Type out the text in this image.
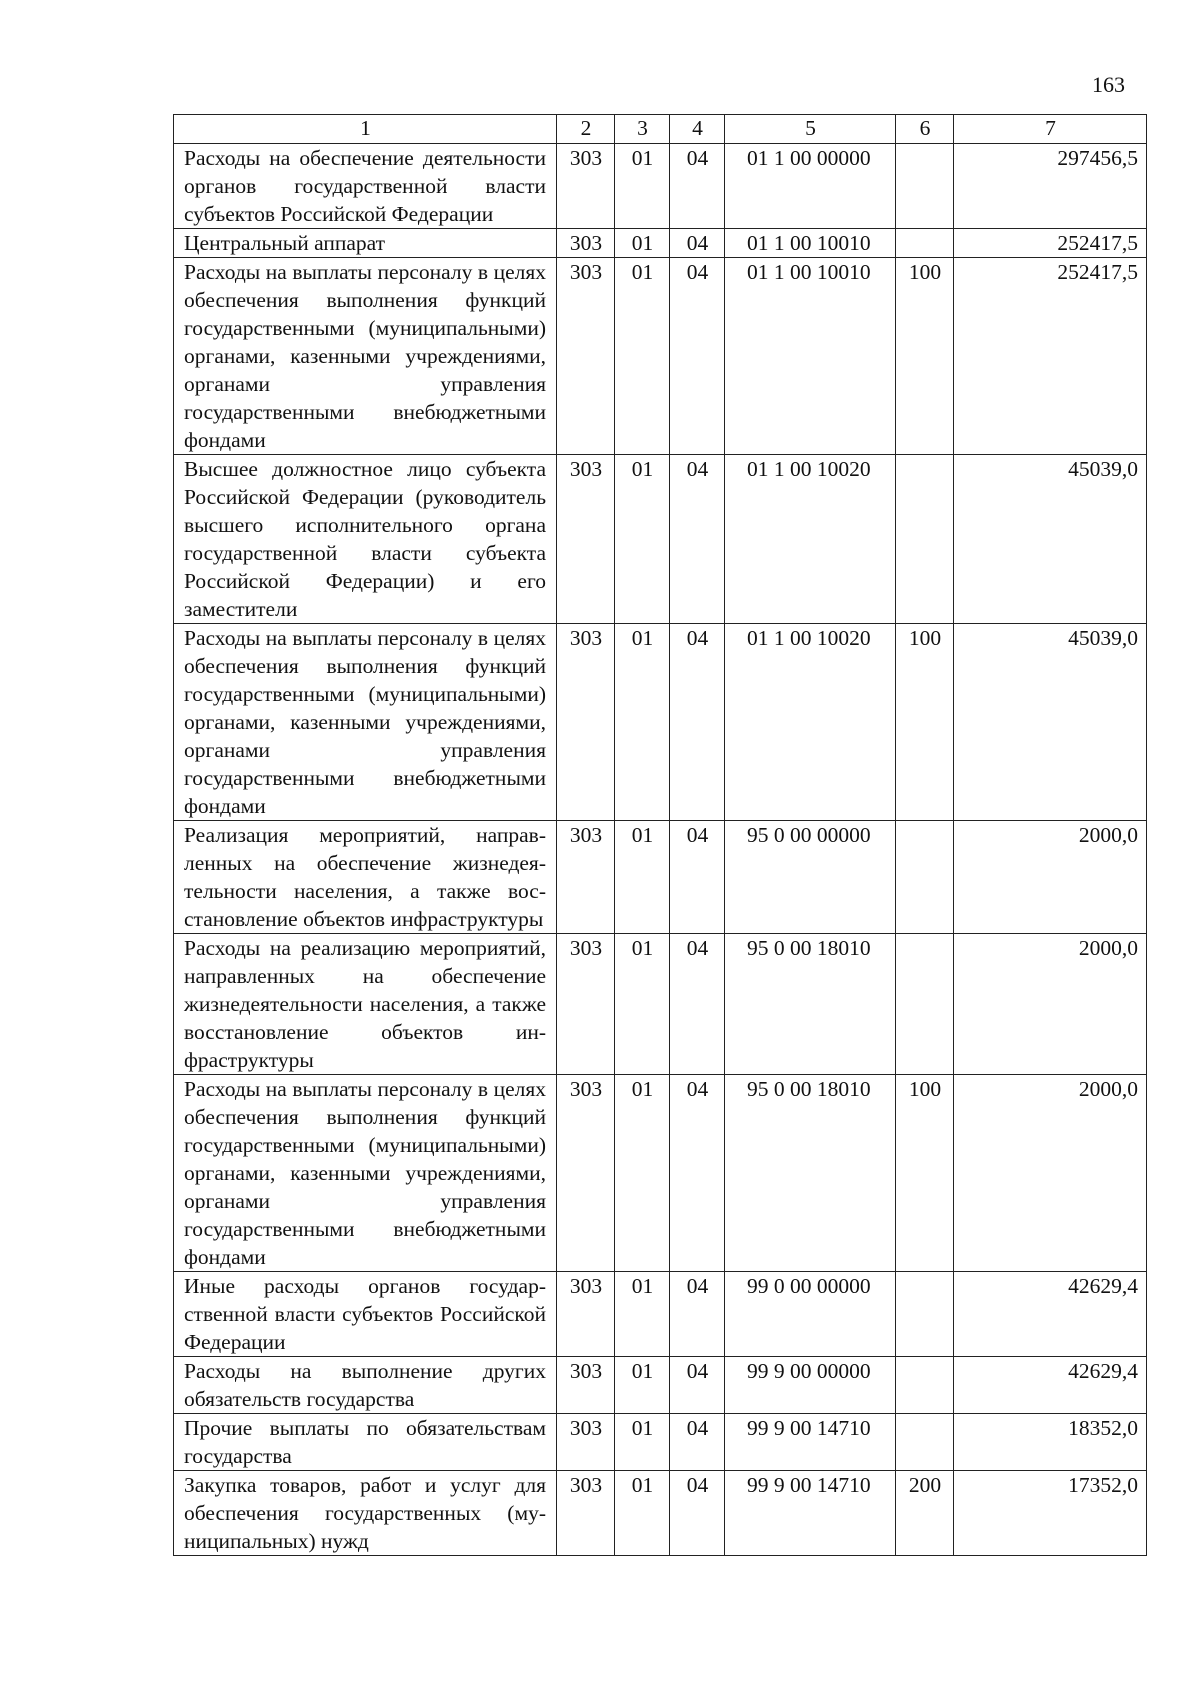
163
1	2	3	4	5	6	7
Расходы на обеспечение деятельности органов государственной власти субъектов Российской Федерации	303	01	04	01 1 00 00000		297456,5
Центральный аппарат	303	01	04	01 1 00 10010		252417,5
Расходы на выплаты персоналу в целях обеспечения выполнения функций государственными (муниципальными) органами, казенными учреждениями, органами управления государственными внебюджетными фондами	303	01	04	01 1 00 10010	100	252417,5
Высшее должностное лицо субъекта Российской Федерации (руководитель высшего исполнительного органа государственной власти субъекта Российской Федерации) и его заместители	303	01	04	01 1 00 10020		45039,0
Расходы на выплаты персоналу в целях обеспечения выполнения функций государственными (муниципальными) органами, казенными учреждениями, органами управления государственными внебюджетными фондами	303	01	04	01 1 00 10020	100	45039,0
Реализация мероприятий, направленных на обеспечение жизнедеятельности населения, а также восстановление объектов инфраструктуры	303	01	04	95 0 00 00000		2000,0
Расходы на реализацию мероприятий, направленных на обеспечение жизнедеятельности населения, а также восстановление объектов инфраструктуры	303	01	04	95 0 00 18010		2000,0
Расходы на выплаты персоналу в целях обеспечения выполнения функций государственными (муниципальными) органами, казенными учреждениями, органами управления государственными внебюджетными фондами	303	01	04	95 0 00 18010	100	2000,0
Иные расходы органов государственной власти субъектов Российской Федерации	303	01	04	99 0 00 00000		42629,4
Расходы на выполнение других обязательств государства	303	01	04	99 9 00 00000		42629,4
Прочие выплаты по обязательствам государства	303	01	04	99 9 00 14710		18352,0
Закупка товаров, работ и услуг для обеспечения государственных (муниципальных) нужд	303	01	04	99 9 00 14710	200	17352,0
